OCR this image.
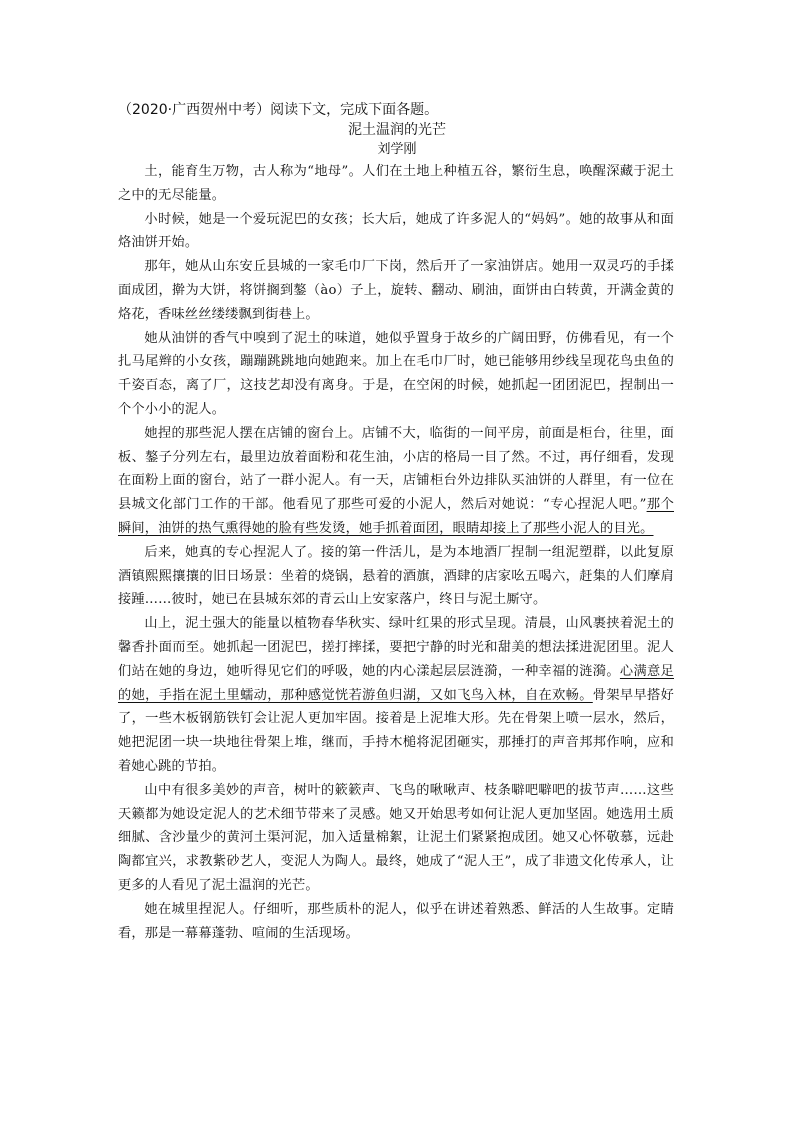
（2020·广西贺州中考）阅读下文，完成下面各题。
泥土温润的光芒
刘学刚

土，能育生万物，古人称为“地母”。人们在土地上种植五谷，繁衍生息，唤醒深藏于泥土之中的无尽能量。

小时候，她是一个爱玩泥巴的女孩；长大后，她成了许多泥人的“妈妈”。她的故事从和面烙油饼开始。

那年，她从山东安丘县城的一家毛巾厂下岗，然后开了一家油饼店。她用一双灵巧的手揉面成团，擀为大饼，将饼搁到鏊（ào）子上，旋转、翻动、刷油，面饼由白转黄，开满金黄的烙花，香味丝丝缕缕飘到街巷上。

她从油饼的香气中嗅到了泥土的味道，她似乎置身于故乡的广阔田野，仿佛看见，有一个扎马尾辫的小女孩，蹦蹦跳跳地向她跑来。加上在毛巾厂时，她已能够用纱线呈现花鸟虫鱼的千姿百态，离了厂，这技艺却没有离身。于是，在空闲的时候，她抓起一团团泥巴，捏制出一个个小小的泥人。

她捏的那些泥人摆在店铺的窗台上。店铺不大，临街的一间平房，前面是柜台，往里，面板、鏊子分列左右，最里边放着面粉和花生油，小店的格局一目了然。不过，再仔细看，发现在面粉上面的窗台，站了一群小泥人。有一天，店铺柜台外边排队买油饼的人群里，有一位在县城文化部门工作的干部。他看见了那些可爱的小泥人，然后对她说：“专心捏泥人吧。”那个瞬间，油饼的热气熏得她的脸有些发烫，她手抓着面团，眼睛却接上了那些小泥人的目光。

后来，她真的专心捏泥人了。接的第一件活儿，是为本地酒厂捏制一组泥塑群，以此复原酒镇熙熙攘攘的旧日场景：坐着的烧锅，悬着的酒旗，酒肆的店家吆五喝六，赶集的人们摩肩接踵……彼时，她已在县城东郊的青云山上安家落户，终日与泥土厮守。

山上，泥土强大的能量以植物春华秋实、绿叶红果的形式呈现。清晨，山风裹挟着泥土的馨香扑面而至。她抓起一团泥巴，搓打摔揉，要把宁静的时光和甜美的想法揉进泥团里。泥人们站在她的身边，她听得见它们的呼吸，她的内心漾起层层涟漪，一种幸福的涟漪。心满意足的她，手指在泥土里蠕动，那种感觉恍若游鱼归湖，又如飞鸟入林，自在欢畅。骨架早早搭好了，一些木板钢筋铁钉会让泥人更加牢固。接着是上泥堆大形。先在骨架上喷一层水，然后，她把泥团一块一块地往骨架上堆，继而，手持木槌将泥团砸实，那捶打的声音邦邦作响，应和着她心跳的节拍。

山中有很多美妙的声音，树叶的簌簌声、飞鸟的啾啾声、枝条噼吧噼吧的拔节声……这些天籁都为她设定泥人的艺术细节带来了灵感。她又开始思考如何让泥人更加坚固。她选用土质细腻、含沙量少的黄河土渠河泥，加入适量棉絮，让泥土们紧紧抱成团。她又心怀敬慕，远赴陶都宜兴，求教紫砂艺人，变泥人为陶人。最终，她成了“泥人王”，成了非遗文化传承人，让更多的人看见了泥土温润的光芒。

她在城里捏泥人。仔细听，那些质朴的泥人，似乎在讲述着熟悉、鲜活的人生故事。定睛看，那是一幕幕蓬勃、喧闹的生活现场。
